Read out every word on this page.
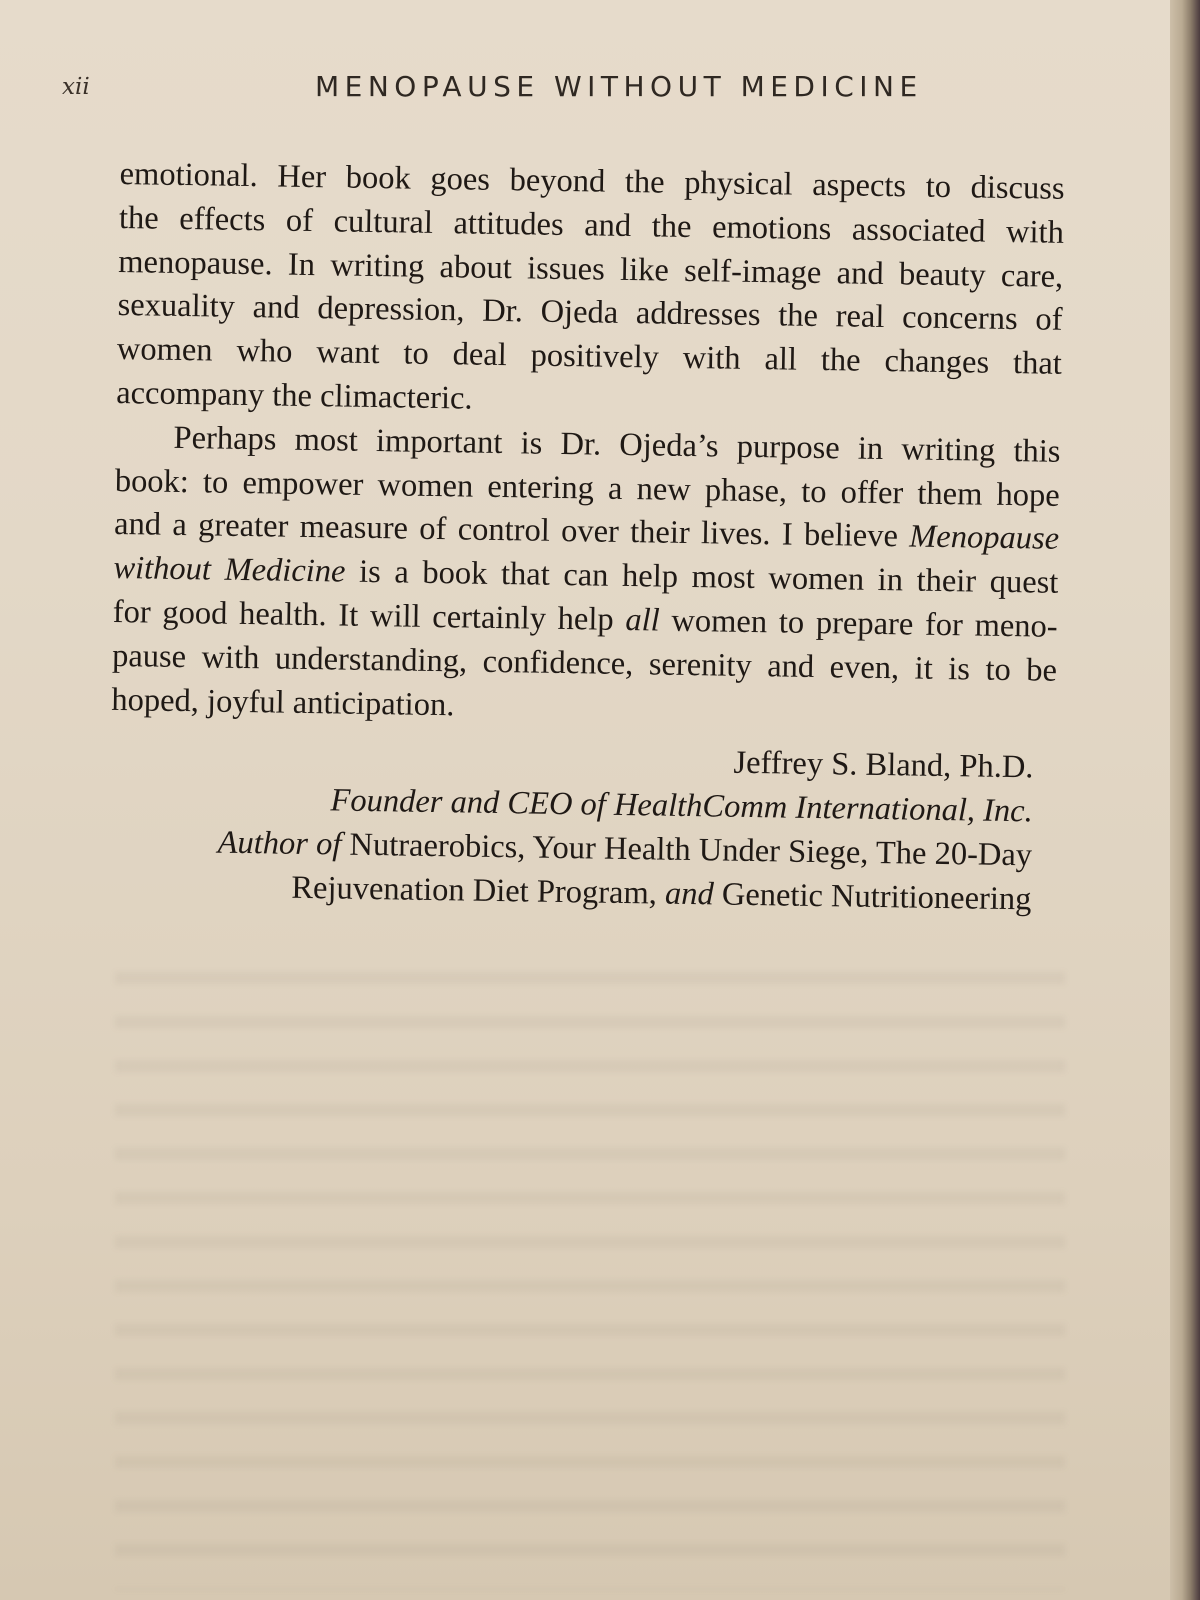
xii	MENOPAUSE WITHOUT MEDICINE
emotional. Her book goes beyond the physical aspects to discuss
the effects of cultural attitudes and the emotions associated with
menopause. In writing about issues like self-image and beauty care,
sexuality and depression, Dr. Ojeda addresses the real concerns of
women who want to deal positively with all the changes that
accompany the climacteric.
Perhaps most important is Dr. Ojeda’s purpose in writing this
book: to empower women entering a new phase, to offer them hope
and a greater measure of control over their lives. I believe Menopause
without Medicine is a book that can help most women in their quest
for good health. It will certainly help all women to prepare for meno-
pause with understanding, confidence, serenity and even, it is to be
hoped, joyful anticipation.
Jeffrey S. Bland, Ph.D.
Founder and CEO of HealthComm International, Inc.
Author of Nutraerobics, Your Health Under Siege, The 20-Day
Rejuvenation Diet Program, and Genetic Nutritioneering
